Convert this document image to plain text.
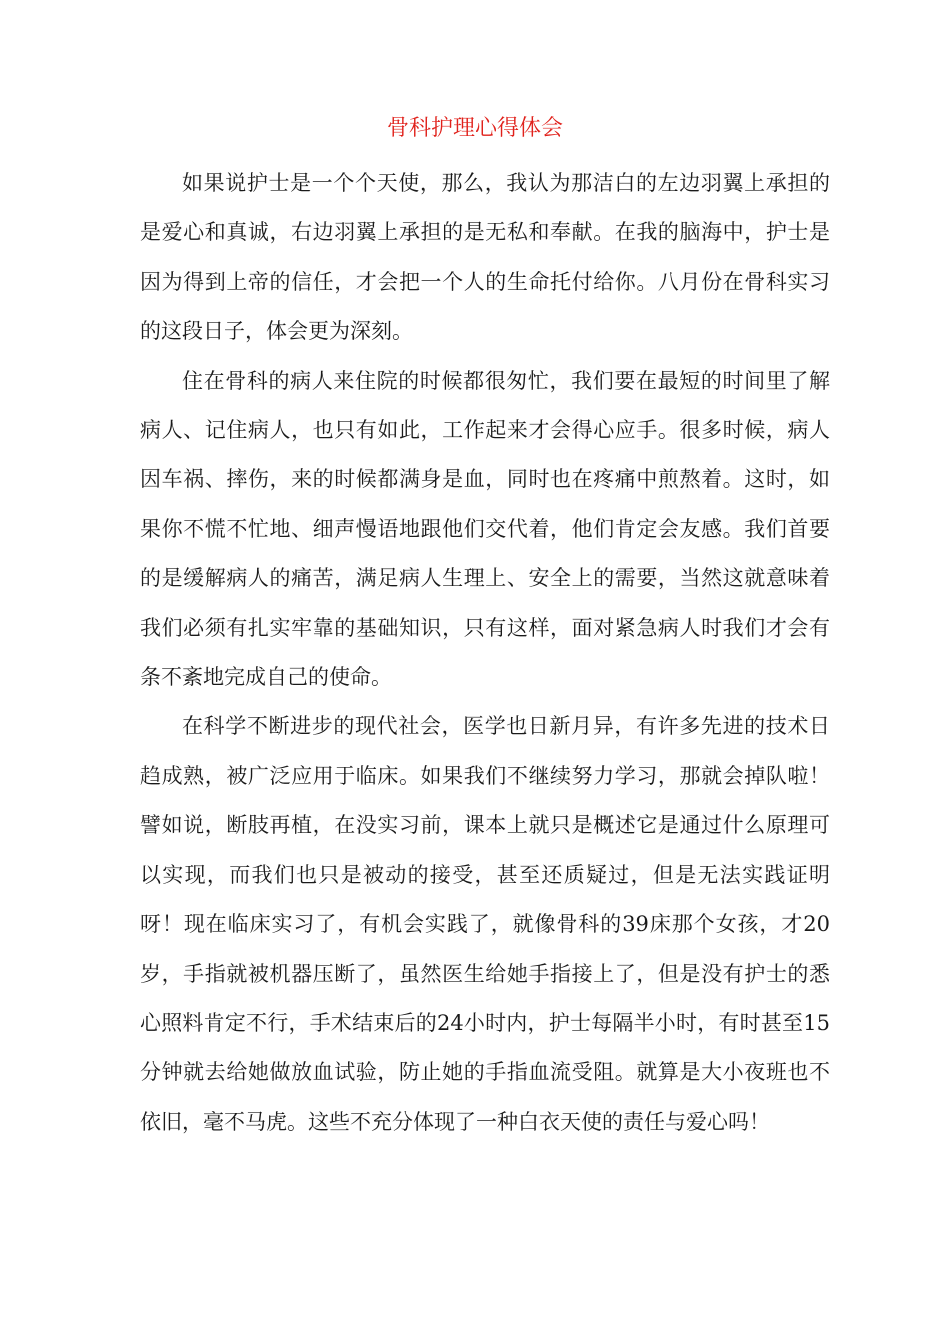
骨科护理心得体会

如果说护士是一个个天使，那么，我认为那洁白的左边羽翼上承担的是爱心和真诚，右边羽翼上承担的是无私和奉献。在我的脑海中，护士是因为得到上帝的信任，才会把一个人的生命托付给你。八月份在骨科实习的这段日子，体会更为深刻。

住在骨科的病人来住院的时候都很匆忙，我们要在最短的时间里了解病人、记住病人，也只有如此，工作起来才会得心应手。很多时候，病人因车祸、摔伤，来的时候都满身是血，同时也在疼痛中煎熬着。这时，如果你不慌不忙地、细声慢语地跟他们交代着，他们肯定会友感。我们首要的是缓解病人的痛苦，满足病人生理上、安全上的需要，当然这就意味着我们必须有扎实牢靠的基础知识，只有这样，面对紧急病人时我们才会有条不紊地完成自己的使命。

在科学不断进步的现代社会，医学也日新月异，有许多先进的技术日趋成熟，被广泛应用于临床。如果我们不继续努力学习，那就会掉队啦！譬如说，断肢再植，在没实习前，课本上就只是概述它是通过什么原理可以实现，而我们也只是被动的接受，甚至还质疑过，但是无法实践证明呀！现在临床实习了，有机会实践了，就像骨科的39床那个女孩，才20岁，手指就被机器压断了，虽然医生给她手指接上了，但是没有护士的悉心照料肯定不行，手术结束后的24小时内，护士每隔半小时，有时甚至15分钟就去给她做放血试验，防止她的手指血流受阻。就算是大小夜班也不依旧，毫不马虎。这些不充分体现了一种白衣天使的责任与爱心吗！
